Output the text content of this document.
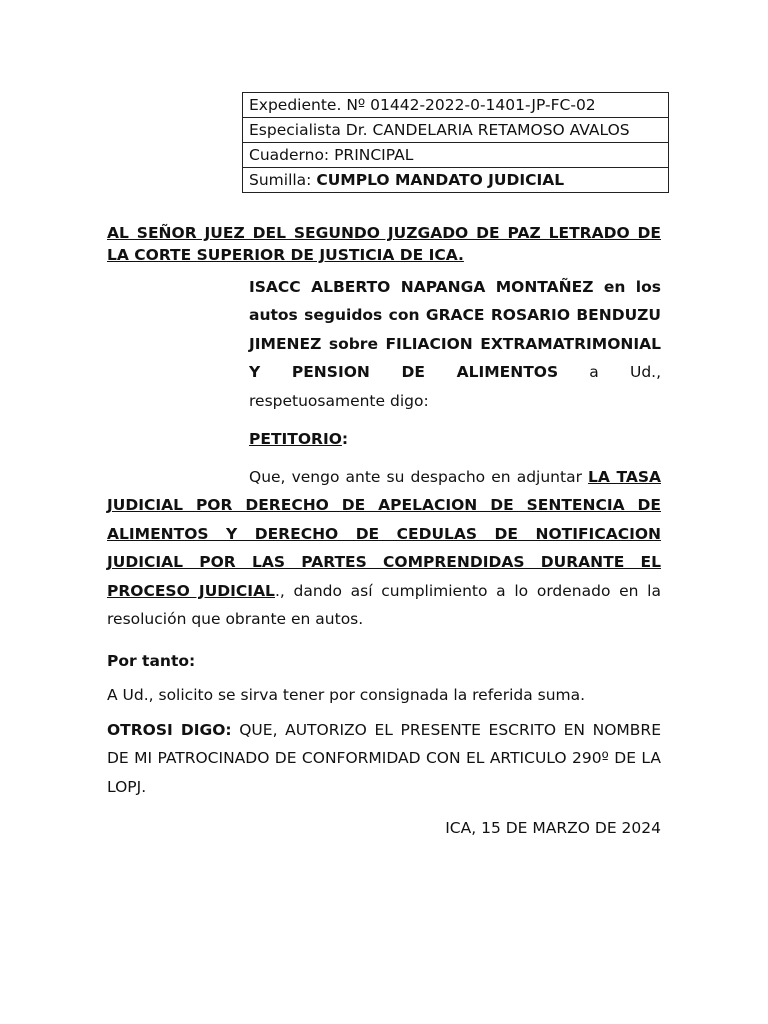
Expediente. Nº 01442-2022-0-1401-JP-FC-02
Especialista Dr. CANDELARIA RETAMOSO AVALOS
Cuaderno: PRINCIPAL
Sumilla: CUMPLO MANDATO JUDICIAL
AL SEÑOR JUEZ DEL SEGUNDO JUZGADO DE PAZ LETRADO DE LA CORTE SUPERIOR DE JUSTICIA DE ICA.
ISACC ALBERTO NAPANGA MONTAÑEZ en los autos seguidos con GRACE ROSARIO BENDUZU JIMENEZ sobre FILIACION EXTRAMATRIMONIAL Y PENSION DE ALIMENTOS a Ud., respetuosamente digo:
PETITORIO:
Que, vengo ante su despacho en adjuntar LA TASA JUDICIAL POR DERECHO DE APELACION DE SENTENCIA DE ALIMENTOS Y DERECHO DE CEDULAS DE NOTIFICACION JUDICIAL POR LAS PARTES COMPRENDIDAS DURANTE EL PROCESO JUDICIAL., dando así cumplimiento a lo ordenado en la resolución que obrante en autos.
Por tanto:
A Ud., solicito se sirva tener por consignada la referida suma.
OTROSI DIGO: QUE, AUTORIZO EL PRESENTE ESCRITO EN NOMBRE DE MI PATROCINADO DE CONFORMIDAD CON EL ARTICULO 290º DE LA LOPJ.
ICA, 15 DE MARZO DE 2024
